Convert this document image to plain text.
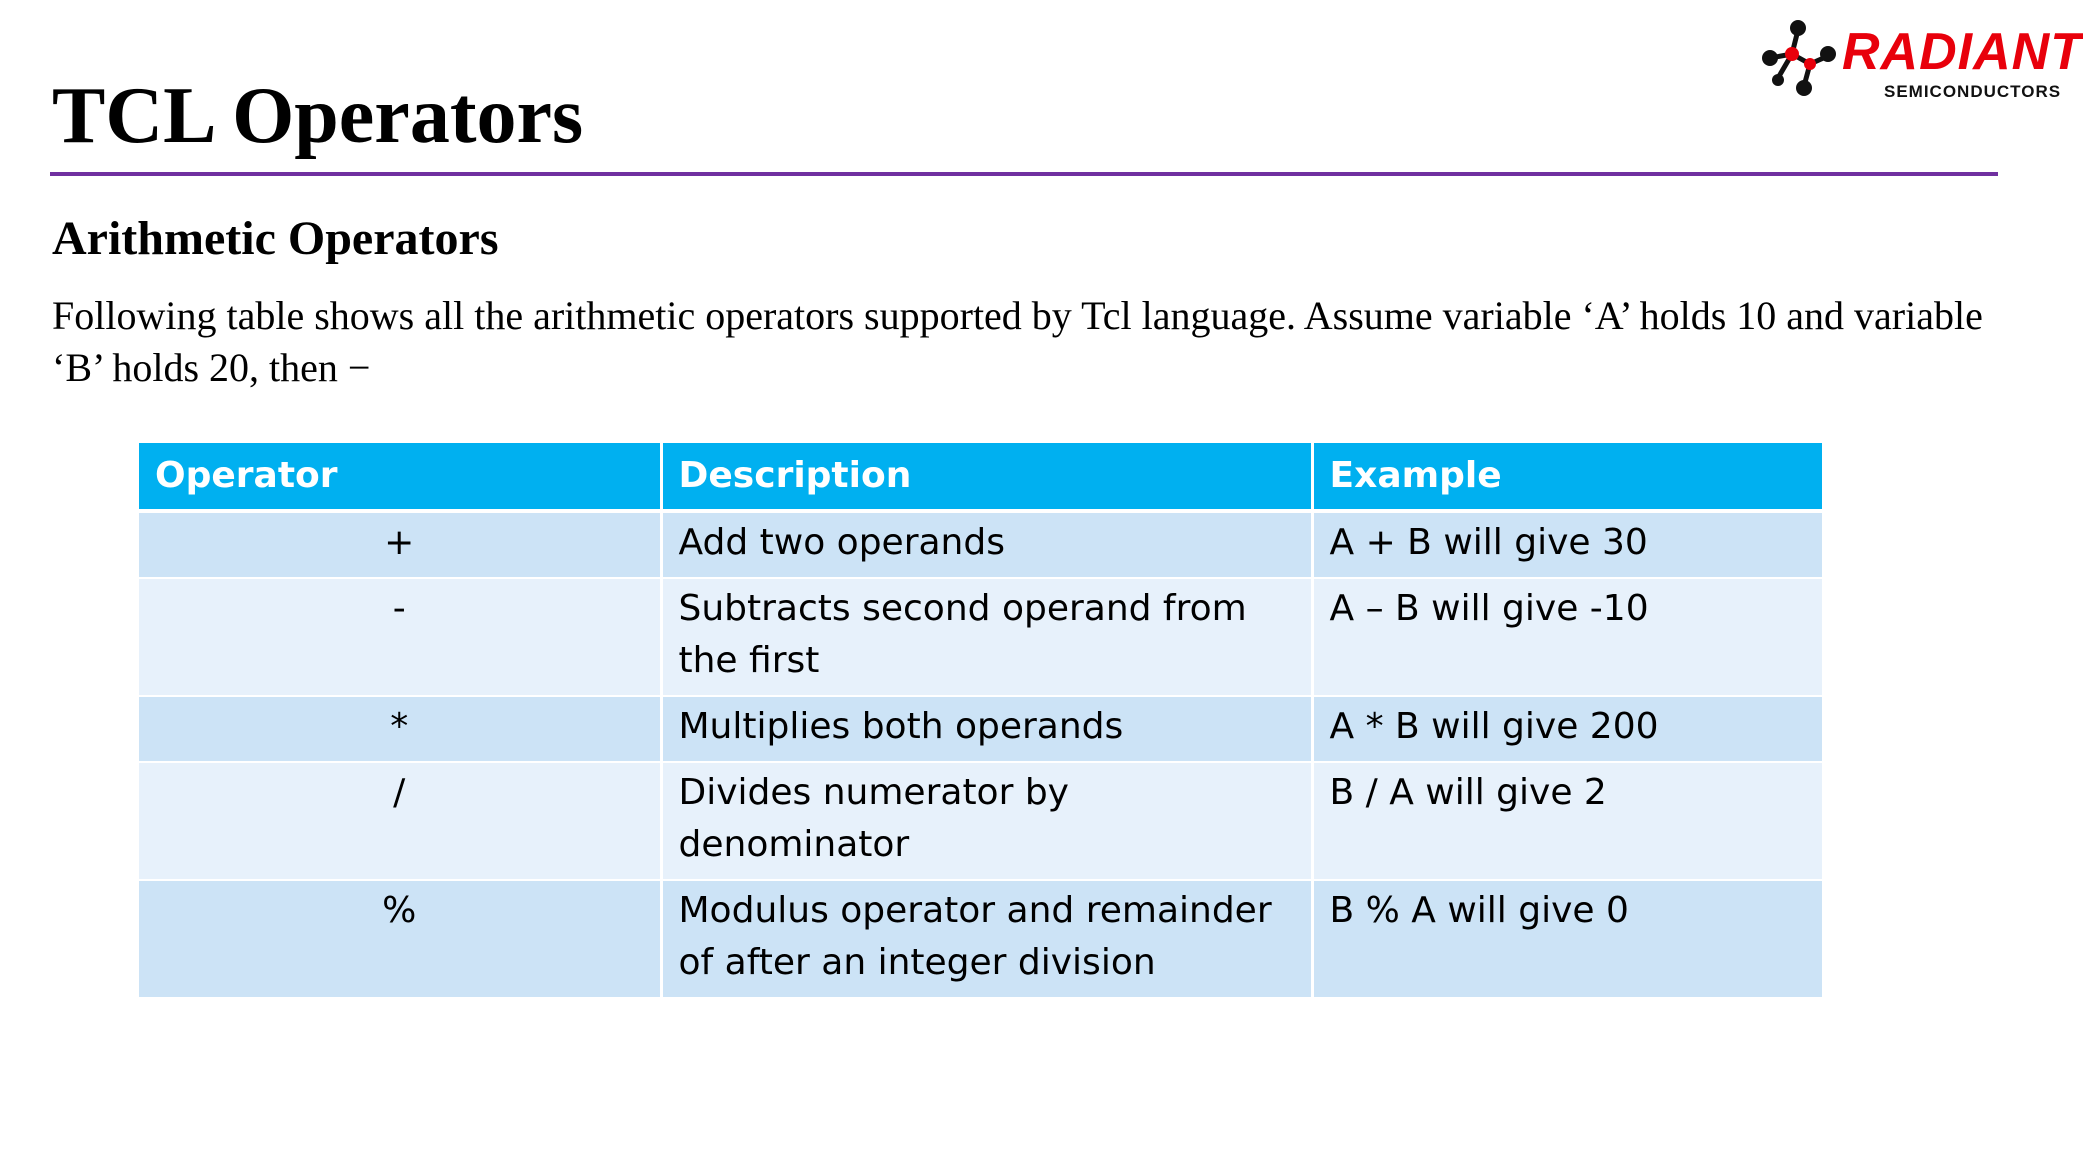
TCL Operators
RADIANT
SEMICONDUCTORS
Arithmetic Operators

Following table shows all the arithmetic operators supported by Tcl language. Assume variable ‘A’ holds 10 and variable ‘B’ holds 20, then −

Operator	Description	Example
+	Add two operands	A + B will give 30
-	Subtracts second operand from the first	A – B will give -10
*	Multiplies both operands	A * B will give 200
/	Divides numerator by denominator	B / A will give 2
%	Modulus operator and remainder of after an integer division	B % A will give 0
